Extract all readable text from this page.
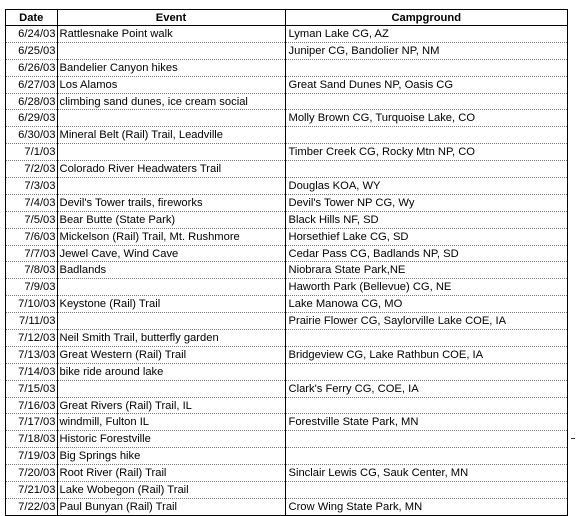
Date	Event	Campground
6/24/03	Rattlesnake Point walk	Lyman Lake CG, AZ
6/25/03		Juniper CG, Bandolier NP, NM
6/26/03	Bandelier Canyon hikes	
6/27/03	Los Alamos	Great Sand Dunes NP, Oasis CG
6/28/03	climbing sand dunes, ice cream social	
6/29/03		Molly Brown CG, Turquoise Lake, CO
6/30/03	Mineral Belt (Rail) Trail, Leadville	
7/1/03		Timber Creek CG, Rocky Mtn NP, CO
7/2/03	Colorado River Headwaters Trail	
7/3/03		Douglas KOA, WY
7/4/03	Devil's Tower trails, fireworks	Devil's Tower NP CG, Wy
7/5/03	Bear Butte (State Park)	Black Hills NF, SD
7/6/03	Mickelson (Rail) Trail, Mt. Rushmore	Horsethief Lake CG, SD
7/7/03	Jewel Cave, Wind Cave	Cedar Pass CG, Badlands NP, SD
7/8/03	Badlands	Niobrara State Park,NE
7/9/03		Haworth Park (Bellevue) CG, NE
7/10/03	Keystone (Rail) Trail	Lake Manowa CG, MO
7/11/03		Prairie Flower CG, Saylorville Lake COE, IA
7/12/03	Neil Smith Trail, butterfly garden	
7/13/03	Great Western (Rail) Trail	Bridgeview CG, Lake Rathbun COE, IA
7/14/03	bike ride around lake	
7/15/03		Clark's Ferry CG, COE, IA
7/16/03	Great Rivers (Rail) Trail, IL	
7/17/03	windmill, Fulton IL	Forestville State Park, MN
7/18/03	Historic Forestville	
7/19/03	Big Springs hike	
7/20/03	Root River (Rail) Trail	Sinclair Lewis CG, Sauk Center, MN
7/21/03	Lake Wobegon (Rail) Trail	
7/22/03	Paul Bunyan (Rail) Trail	Crow Wing State Park, MN
